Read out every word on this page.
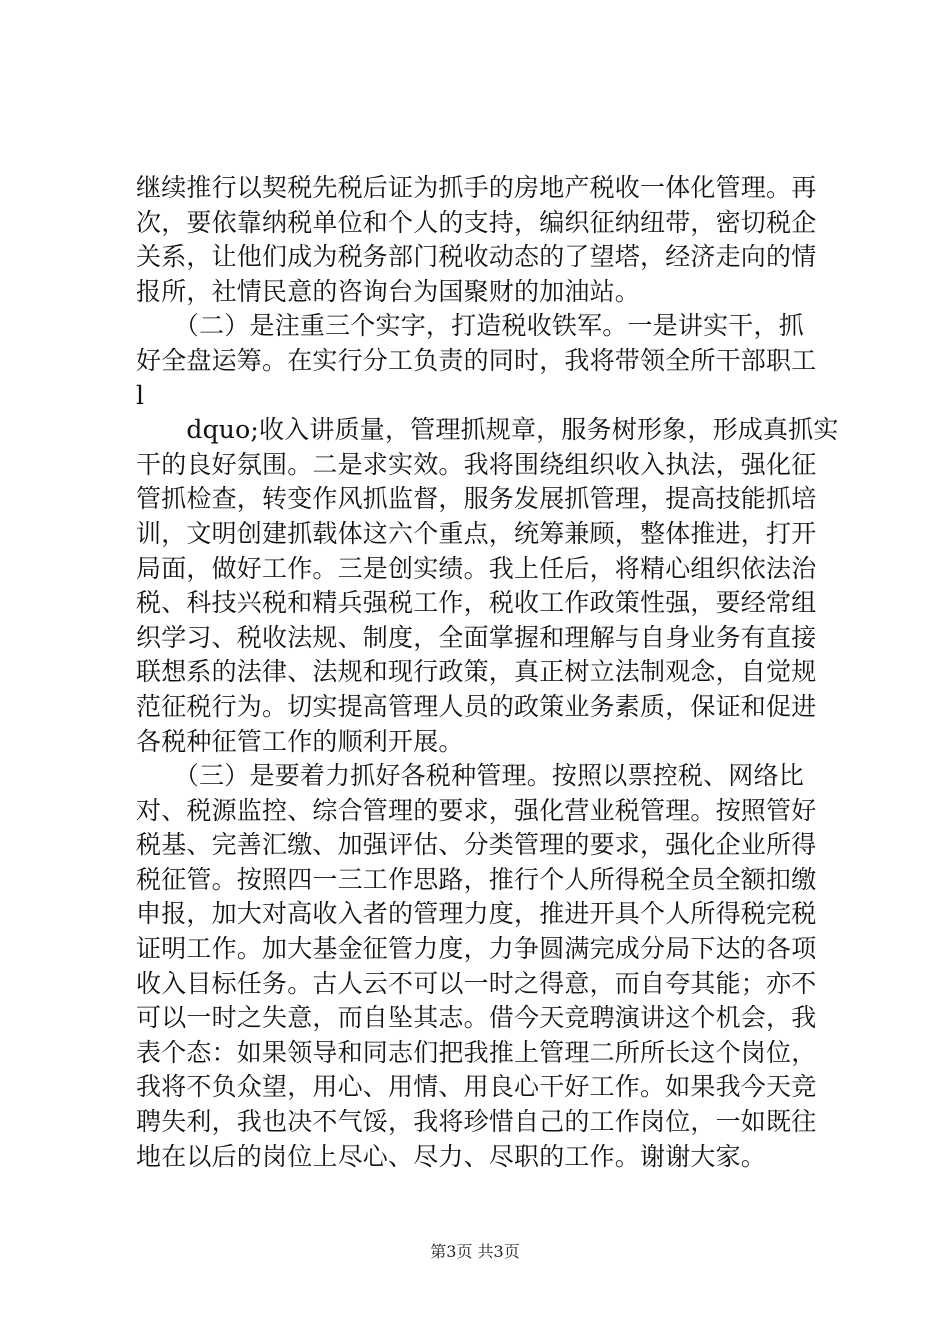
继续推行以契税先税后证为抓手的房地产税收一体化管理。再
次，要依靠纳税单位和个人的支持，编织征纳纽带，密切税企
关系，让他们成为税务部门税收动态的了望塔，经济走向的情
报所，社情民意的咨询台为国聚财的加油站。
　　（二）是注重三个实字，打造税收铁军。一是讲实干，抓
好全盘运筹。在实行分工负责的同时，我将带领全所干部职工
l
　　dquo;收入讲质量，管理抓规章，服务树形象，形成真抓实
干的良好氛围。二是求实效。我将围绕组织收入执法，强化征
管抓检查，转变作风抓监督，服务发展抓管理，提高技能抓培
训，文明创建抓载体这六个重点，统筹兼顾，整体推进，打开
局面，做好工作。三是创实绩。我上任后，将精心组织依法治
税、科技兴税和精兵强税工作，税收工作政策性强，要经常组
织学习、税收法规、制度，全面掌握和理解与自身业务有直接
联想系的法律、法规和现行政策，真正树立法制观念，自觉规
范征税行为。切实提高管理人员的政策业务素质，保证和促进
各税种征管工作的顺利开展。
　　（三）是要着力抓好各税种管理。按照以票控税、网络比
对、税源监控、综合管理的要求，强化营业税管理。按照管好
税基、完善汇缴、加强评估、分类管理的要求，强化企业所得
税征管。按照四一三工作思路，推行个人所得税全员全额扣缴
申报，加大对高收入者的管理力度，推进开具个人所得税完税
证明工作。加大基金征管力度，力争圆满完成分局下达的各项
收入目标任务。古人云不可以一时之得意，而自夸其能；亦不
可以一时之失意，而自坠其志。借今天竞聘演讲这个机会，我
表个态：如果领导和同志们把我推上管理二所所长这个岗位，
我将不负众望，用心、用情、用良心干好工作。如果我今天竞
聘失利，我也决不气馁，我将珍惜自己的工作岗位，一如既往
地在以后的岗位上尽心、尽力、尽职的工作。谢谢大家。
第3页 共3页
